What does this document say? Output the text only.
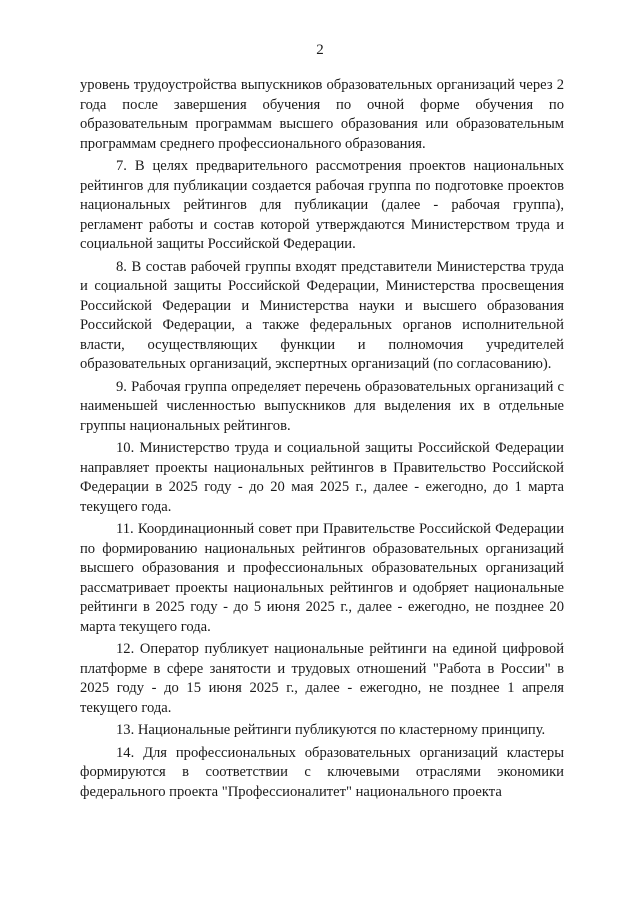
2

уровень трудоустройства выпускников образовательных организаций через 2 года после завершения обучения по очной форме обучения по образовательным программам высшего образования или образовательным программам среднего профессионального образования.

7. В целях предварительного рассмотрения проектов национальных рейтингов для публикации создается рабочая группа по подготовке проектов национальных рейтингов для публикации (далее - рабочая группа), регламент работы и состав которой утверждаются Министерством труда и социальной защиты Российской Федерации.

8. В состав рабочей группы входят представители Министерства труда и социальной защиты Российской Федерации, Министерства просвещения Российской Федерации и Министерства науки и высшего образования Российской Федерации, а также федеральных органов исполнительной власти, осуществляющих функции и полномочия учредителей образовательных организаций, экспертных организаций (по согласованию).

9. Рабочая группа определяет перечень образовательных организаций с наименьшей численностью выпускников для выделения их в отдельные группы национальных рейтингов.

10. Министерство труда и социальной защиты Российской Федерации направляет проекты национальных рейтингов в Правительство Российской Федерации в 2025 году - до 20 мая 2025 г., далее - ежегодно, до 1 марта текущего года.

11. Координационный совет при Правительстве Российской Федерации по формированию национальных рейтингов образовательных организаций высшего образования и профессиональных образовательных организаций рассматривает проекты национальных рейтингов и одобряет национальные рейтинги в 2025 году - до 5 июня 2025 г., далее - ежегодно, не позднее 20 марта текущего года.

12. Оператор публикует национальные рейтинги на единой цифровой платформе в сфере занятости и трудовых отношений "Работа в России" в 2025 году - до 15 июня 2025 г., далее - ежегодно, не позднее 1 апреля текущего года.

13. Национальные рейтинги публикуются по кластерному принципу.

14. Для профессиональных образовательных организаций кластеры формируются в соответствии с ключевыми отраслями экономики федерального проекта "Профессионалитет" национального проекта
